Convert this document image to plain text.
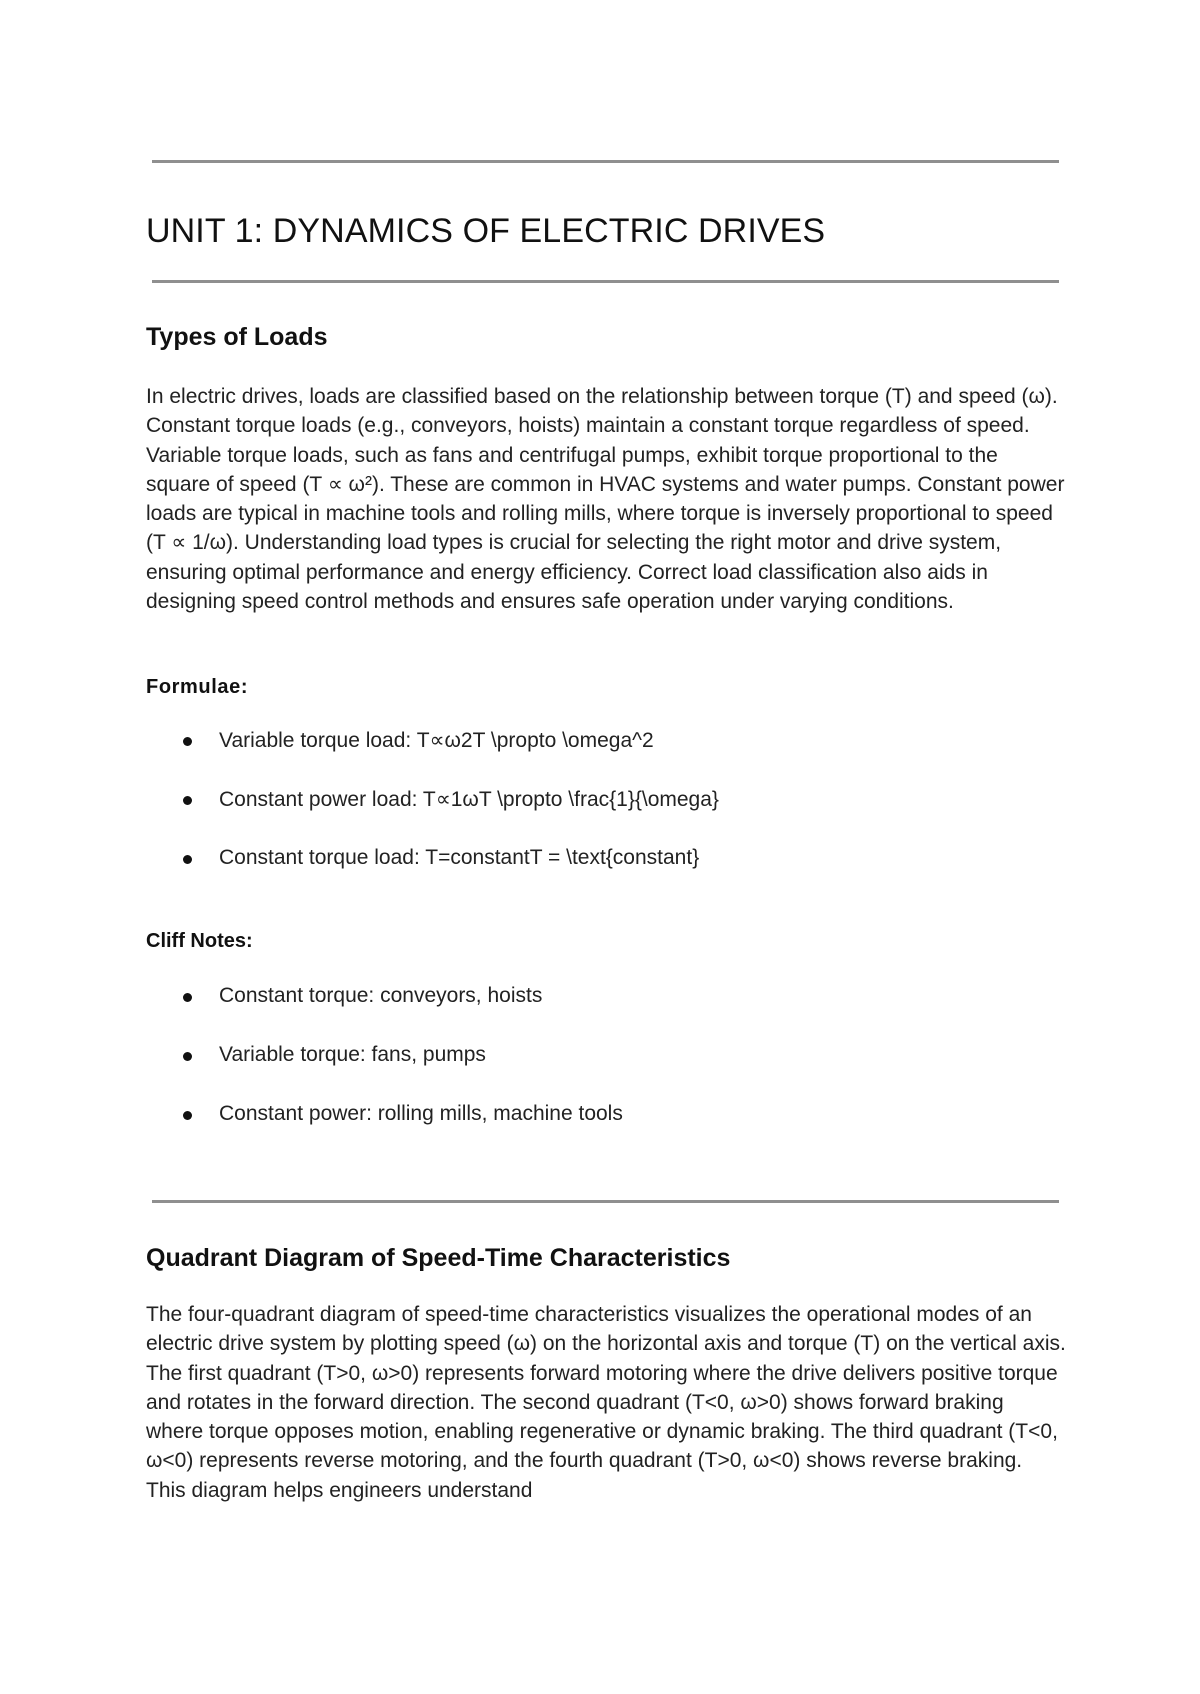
UNIT 1: DYNAMICS OF ELECTRIC DRIVES
Types of Loads

In electric drives, loads are classified based on the relationship between torque (T) and speed (ω). Constant torque loads (e.g., conveyors, hoists) maintain a constant torque regardless of speed. Variable torque loads, such as fans and centrifugal pumps, exhibit torque proportional to the square of speed (T ∝ ω²). These are common in HVAC systems and water pumps. Constant power loads are typical in machine tools and rolling mills, where torque is inversely proportional to speed (T ∝ 1/ω). Understanding load types is crucial for selecting the right motor and drive system, ensuring optimal performance and energy efficiency. Correct load classification also aids in designing speed control methods and ensures safe operation under varying conditions.

Formulae:
Variable torque load: T∝ω2T \propto \omega^2
Constant power load: T∝1ωT \propto \frac{1}{\omega}
Constant torque load: T=constantT = \text{constant}
Cliff Notes:
Constant torque: conveyors, hoists
Variable torque: fans, pumps
Constant power: rolling mills, machine tools
Quadrant Diagram of Speed-Time Characteristics

The four-quadrant diagram of speed-time characteristics visualizes the operational modes of an electric drive system by plotting speed (ω) on the horizontal axis and torque (T) on the vertical axis. The first quadrant (T>0, ω>0) represents forward motoring where the drive delivers positive torque and rotates in the forward direction. The second quadrant (T<0, ω>0) shows forward braking where torque opposes motion, enabling regenerative or dynamic braking. The third quadrant (T<0, ω<0) represents reverse motoring, and the fourth quadrant (T>0, ω<0) shows reverse braking. This diagram helps engineers understand
